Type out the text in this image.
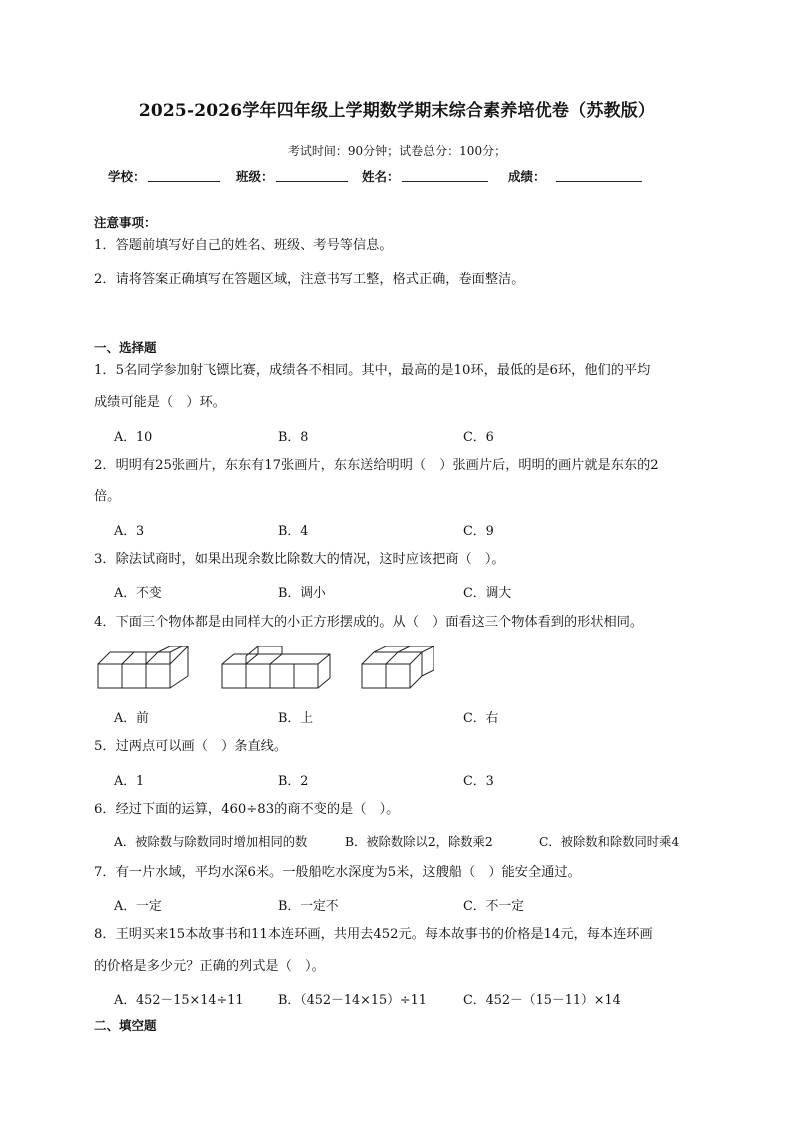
2025-2026学年四年级上学期数学期末综合素养培优卷（苏教版）
考试时间：90分钟；试卷总分：100分；
学校：	班级：	姓名：	成绩：
注意事项：
1．答题前填写好自己的姓名、班级、考号等信息。
2．请将答案正确填写在答题区域，注意书写工整，格式正确，卷面整洁。
一、选择题
1．5名同学参加射飞镖比赛，成绩各不相同。其中，最高的是10环，最低的是6环，他们的平均
成绩可能是（　）环。
A．10	B．8	C．6
2．明明有25张画片，东东有17张画片，东东送给明明（　）张画片后，明明的画片就是东东的2
倍。
A．3	B．4	C．9
3．除法试商时，如果出现余数比除数大的情况，这时应该把商（　）。
A．不变	B．调小	C．调大
4．下面三个物体都是由同样大的小正方形摆成的。从（　）面看这三个物体看到的形状相同。
A．前	B．上	C．右
5．过两点可以画（　）条直线。
A．1	B．2	C．3
6．经过下面的运算，460÷83的商不变的是（　）。
A．被除数与除数同时增加相同的数	B．被除数除以2，除数乘2	C．被除数和除数同时乘4
7．有一片水域，平均水深6米。一般船吃水深度为5米，这艘船（　）能安全通过。
A．一定	B．一定不	C．不一定
8．王明买来15本故事书和11本连环画，共用去452元。每本故事书的价格是14元，每本连环画
的价格是多少元？正确的列式是（　）。
A．452－15×14÷11	B．（452－14×15）÷11	C．452－（15－11）×14
二、填空题
